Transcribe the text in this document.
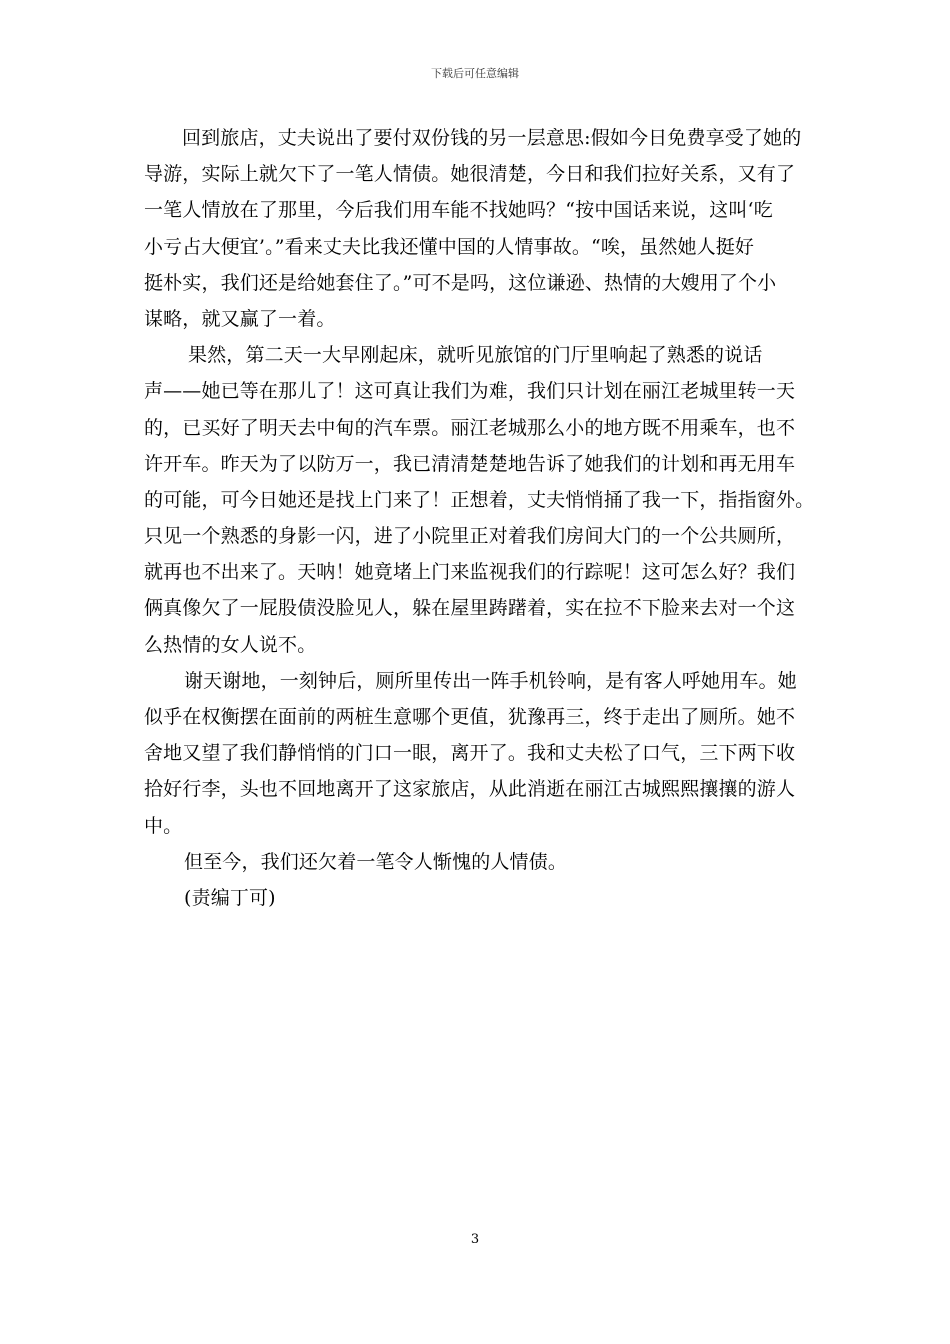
下载后可任意编辑
回到旅店，丈夫说出了要付双份钱的另一层意思:假如今日免费享受了她的
导游，实际上就欠下了一笔人情债。她很清楚，今日和我们拉好关系，又有了
一笔人情放在了那里，今后我们用车能不找她吗？“按中国话来说，这叫‘吃
小亏占大便宜’。”看来丈夫比我还懂中国的人情事故。“唉，虽然她人挺好
挺朴实，我们还是给她套住了。”可不是吗，这位谦逊、热情的大嫂用了个小
谋略，就又赢了一着。
果然，第二天一大早刚起床，就听见旅馆的门厅里响起了熟悉的说话
声——她已等在那儿了！这可真让我们为难，我们只计划在丽江老城里转一天
的，已买好了明天去中甸的汽车票。丽江老城那么小的地方既不用乘车，也不
许开车。昨天为了以防万一，我已清清楚楚地告诉了她我们的计划和再无用车
的可能，可今日她还是找上门来了！正想着，丈夫悄悄捅了我一下，指指窗外。
只见一个熟悉的身影一闪，进了小院里正对着我们房间大门的一个公共厕所，
就再也不出来了。天呐！她竟堵上门来监视我们的行踪呢！这可怎么好？我们
俩真像欠了一屁股债没脸见人，躲在屋里踌躇着，实在拉不下脸来去对一个这
么热情的女人说不。
谢天谢地，一刻钟后，厕所里传出一阵手机铃响，是有客人呼她用车。她
似乎在权衡摆在面前的两桩生意哪个更值，犹豫再三，终于走出了厕所。她不
舍地又望了我们静悄悄的门口一眼，离开了。我和丈夫松了口气，三下两下收
拾好行李，头也不回地离开了这家旅店，从此消逝在丽江古城熙熙攘攘的游人
中。
但至今，我们还欠着一笔令人惭愧的人情债。
(责编丁可)
3
